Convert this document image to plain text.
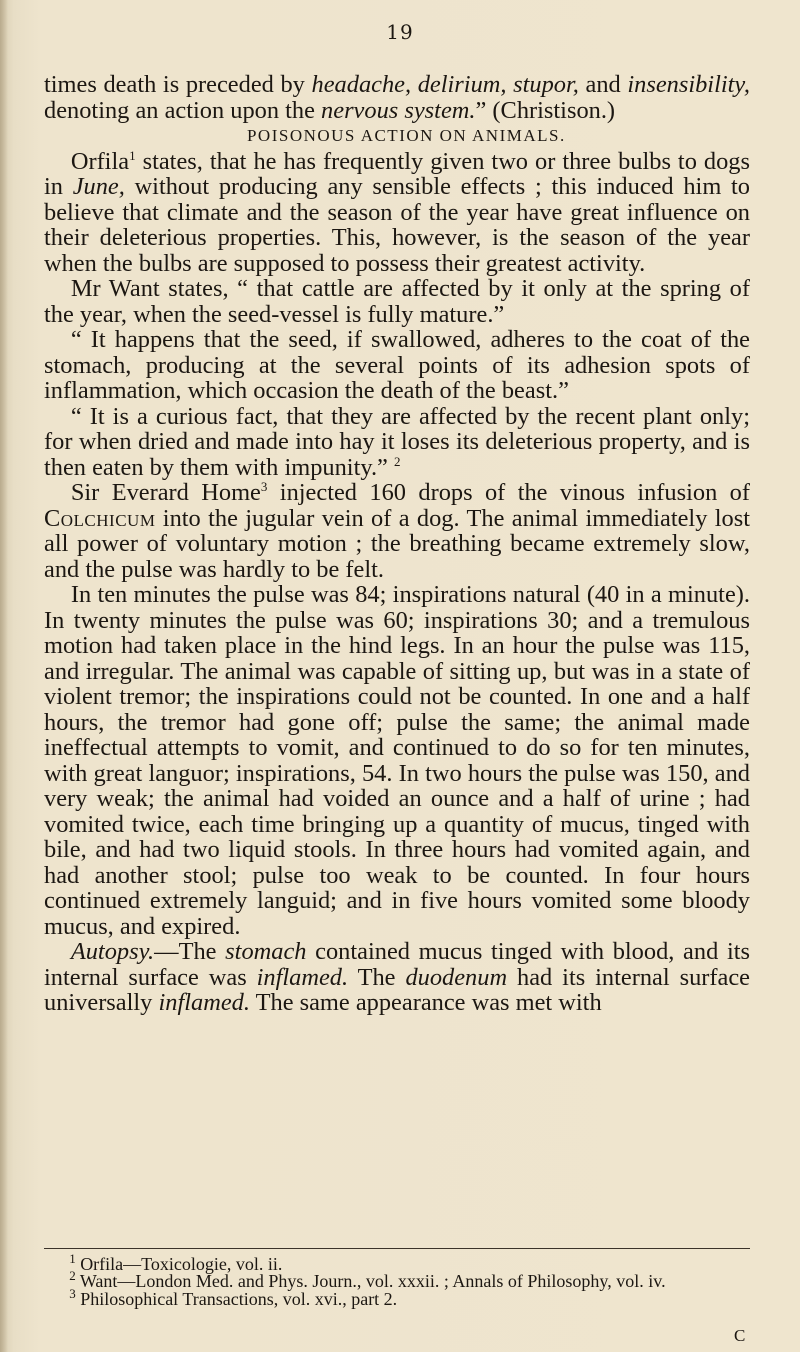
19

times death is preceded by headache, delirium, stupor, and insensibility, denoting an action upon the nervous system.” (Christison.)

POISONOUS ACTION ON ANIMALS.

Orfila$^1$ states, that he has frequently given two or three bulbs to dogs in June, without producing any sensible effects ; this induced him to believe that climate and the season of the year have great influence on their deleterious properties. This, however, is the season of the year when the bulbs are supposed to possess their greatest activity.

Mr Want states, “ that cattle are affected by it only at the spring of the year, when the seed-vessel is fully mature.”

“ It happens that the seed, if swallowed, adheres to the coat of the stomach, producing at the several points of its adhesion spots of inflammation, which occasion the death of the beast.”

“ It is a curious fact, that they are affected by the recent plant only; for when dried and made into hay it loses its deleterious property, and is then eaten by them with impunity.” $^2$

Sir Everard Home$^3$ injected 160 drops of the vinous infusion of Colchicum into the jugular vein of a dog. The animal immediately lost all power of voluntary motion ; the breathing became extremely slow, and the pulse was hardly to be felt.

In ten minutes the pulse was 84; inspirations natural (40 in a minute). In twenty minutes the pulse was 60; inspirations 30; and a tremulous motion had taken place in the hind legs. In an hour the pulse was 115, and irregular. The animal was capable of sitting up, but was in a state of violent tremor; the inspirations could not be counted. In one and a half hours, the tremor had gone off; pulse the same; the animal made ineffectual attempts to vomit, and continued to do so for ten minutes, with great languor; inspirations, 54. In two hours the pulse was 150, and very weak; the animal had voided an ounce and a half of urine ; had vomited twice, each time bringing up a quantity of mucus, tinged with bile, and had two liquid stools. In three hours had vomited again, and had another stool; pulse too weak to be counted. In four hours continued extremely languid; and in five hours vomited some bloody mucus, and expired.

Autopsy.—The stomach contained mucus tinged with blood, and its internal surface was inflamed. The duodenum had its internal surface universally inflamed. The same appearance was met with

$^1$ Orfila—Toxicologie, vol. ii.
$^2$ Want—London Med. and Phys. Journ., vol. xxxii. ; Annals of Philosophy, vol. iv.
$^3$ Philosophical Transactions, vol. xvi., part 2.
C
